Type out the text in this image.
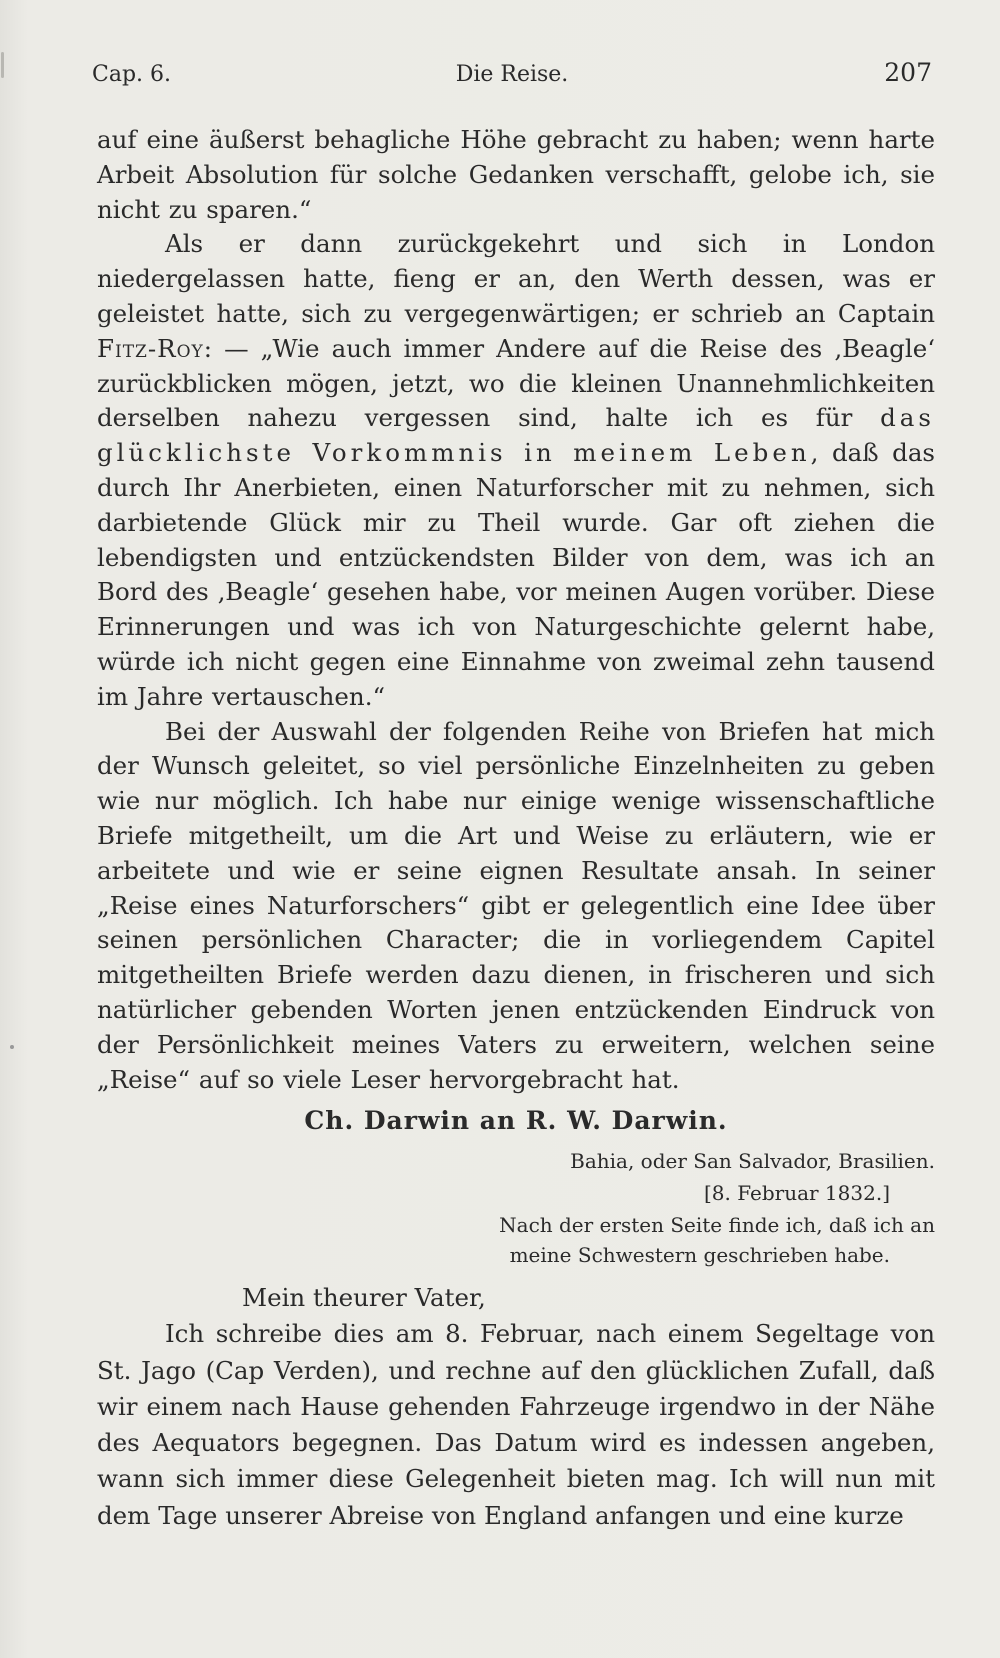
Cap. 6.	Die Reise.	207

auf eine äußerst behagliche Höhe gebracht zu haben; wenn harte Arbeit Absolution für solche Gedanken verschafft, gelobe ich, sie nicht zu sparen.“

Als er dann zurückgekehrt und sich in London niedergelassen hatte, fieng er an, den Werth dessen, was er geleistet hatte, sich zu vergegenwärtigen; er schrieb an Captain Fitz-Roy: — „Wie auch immer Andere auf die Reise des ‚Beagle‘ zurückblicken mögen, jetzt, wo die kleinen Unannehmlichkeiten derselben nahezu vergessen sind, halte ich es für das glücklichste Vorkommnis in meinem Leben, daß das durch Ihr Anerbieten, einen Naturforscher mit zu nehmen, sich darbietende Glück mir zu Theil wurde. Gar oft ziehen die lebendigsten und entzückendsten Bilder von dem, was ich an Bord des ‚Beagle‘ gesehen habe, vor meinen Augen vorüber. Diese Erinnerungen und was ich von Naturgeschichte gelernt habe, würde ich nicht gegen eine Einnahme von zweimal zehn tausend im Jahre vertauschen.“

Bei der Auswahl der folgenden Reihe von Briefen hat mich der Wunsch geleitet, so viel persönliche Einzelnheiten zu geben wie nur möglich. Ich habe nur einige wenige wissenschaftliche Briefe mitgetheilt, um die Art und Weise zu erläutern, wie er arbeitete und wie er seine eignen Resultate ansah. In seiner „Reise eines Naturforschers“ gibt er gelegentlich eine Idee über seinen persönlichen Character; die in vorliegendem Capitel mitgetheilten Briefe werden dazu dienen, in frischeren und sich natürlicher gebenden Worten jenen entzückenden Eindruck von der Persönlichkeit meines Vaters zu erweitern, welchen seine „Reise“ auf so viele Leser hervorgebracht hat.

Ch. Darwin an R. W. Darwin.
Bahia, oder San Salvador, Brasilien.
[8. Februar 1832.]
Nach der ersten Seite finde ich, daß ich an
meine Schwestern geschrieben habe.

Mein theurer Vater,

Ich schreibe dies am 8. Februar, nach einem Segeltage von St. Jago (Cap Verden), und rechne auf den glücklichen Zufall, daß wir einem nach Hause gehenden Fahrzeuge irgendwo in der Nähe des Aequators begegnen. Das Datum wird es indessen angeben, wann sich immer diese Gelegenheit bieten mag. Ich will nun mit dem Tage unserer Abreise von England anfangen und eine kurze
